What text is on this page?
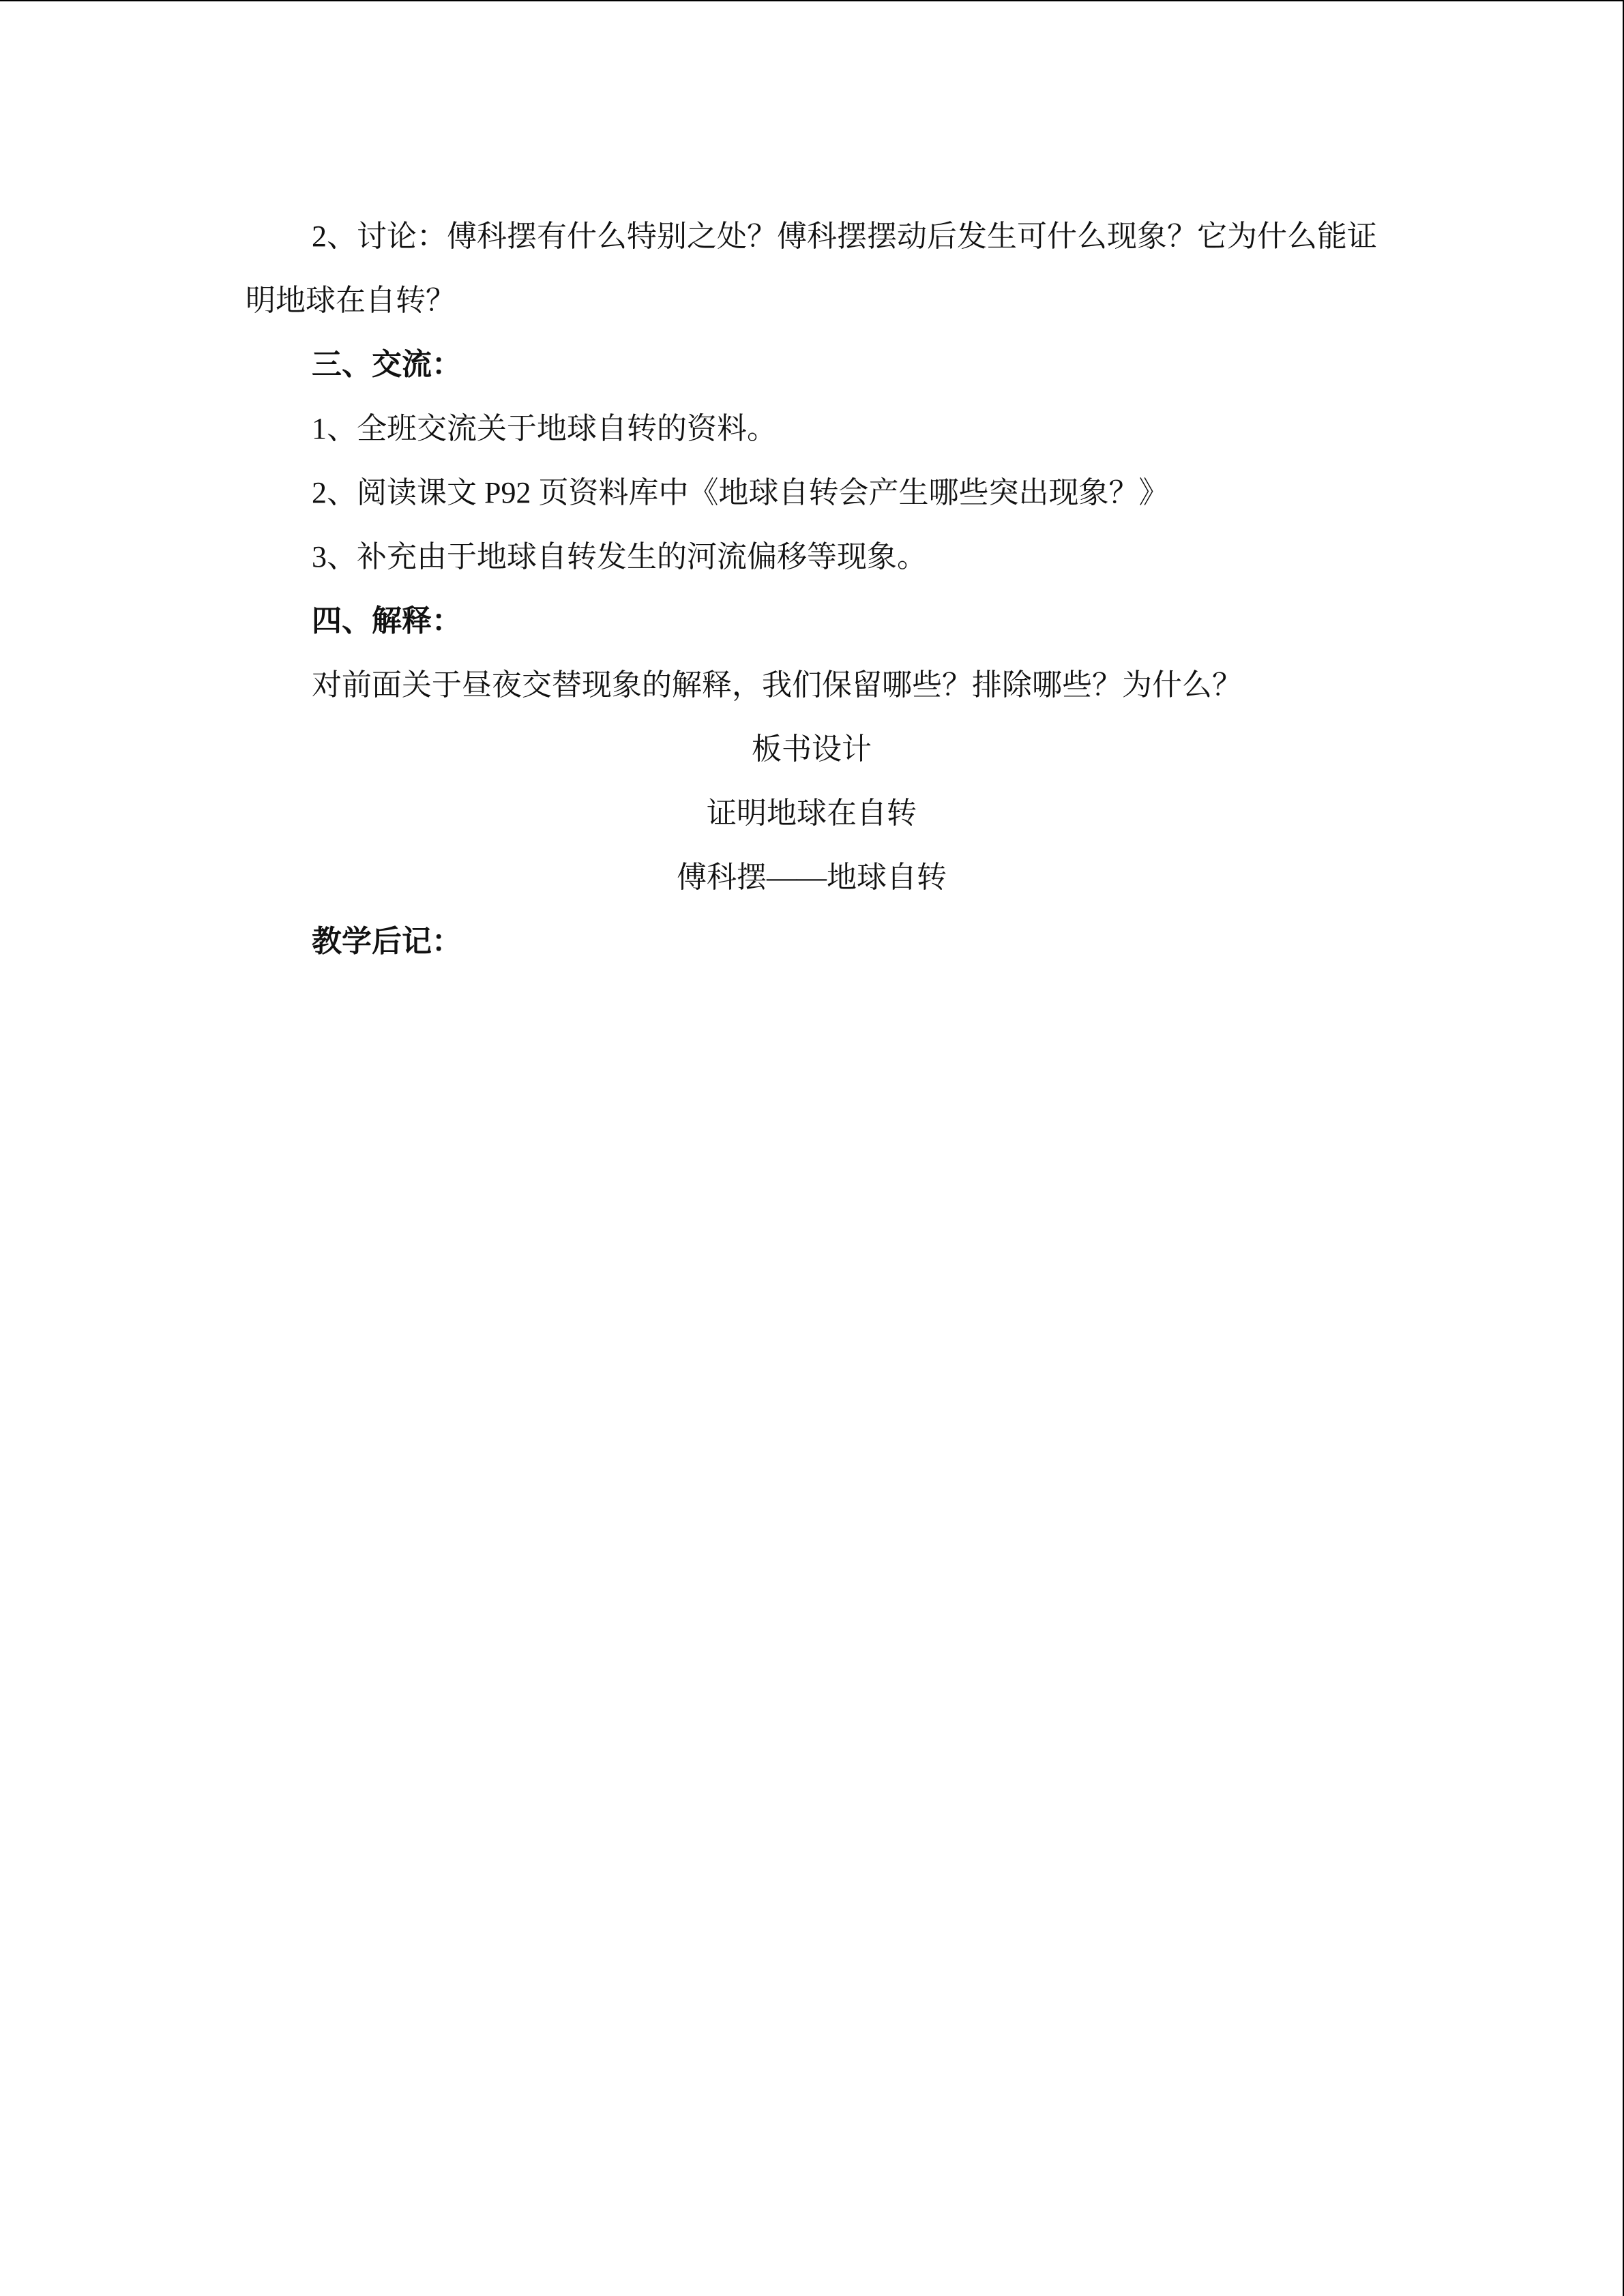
2、讨论：傅科摆有什么特别之处？傅科摆摆动后发生可什么现象？它为什么能证明地球在自转？

三、交流：

1、全班交流关于地球自转的资料。

2、阅读课文 P92 页资料库中《地球自转会产生哪些突出现象？》

3、补充由于地球自转发生的河流偏移等现象。

四、解释：

对前面关于昼夜交替现象的解释，我们保留哪些？排除哪些？为什么？

板书设计

证明地球在自转

傅科摆——地球自转

教学后记：
